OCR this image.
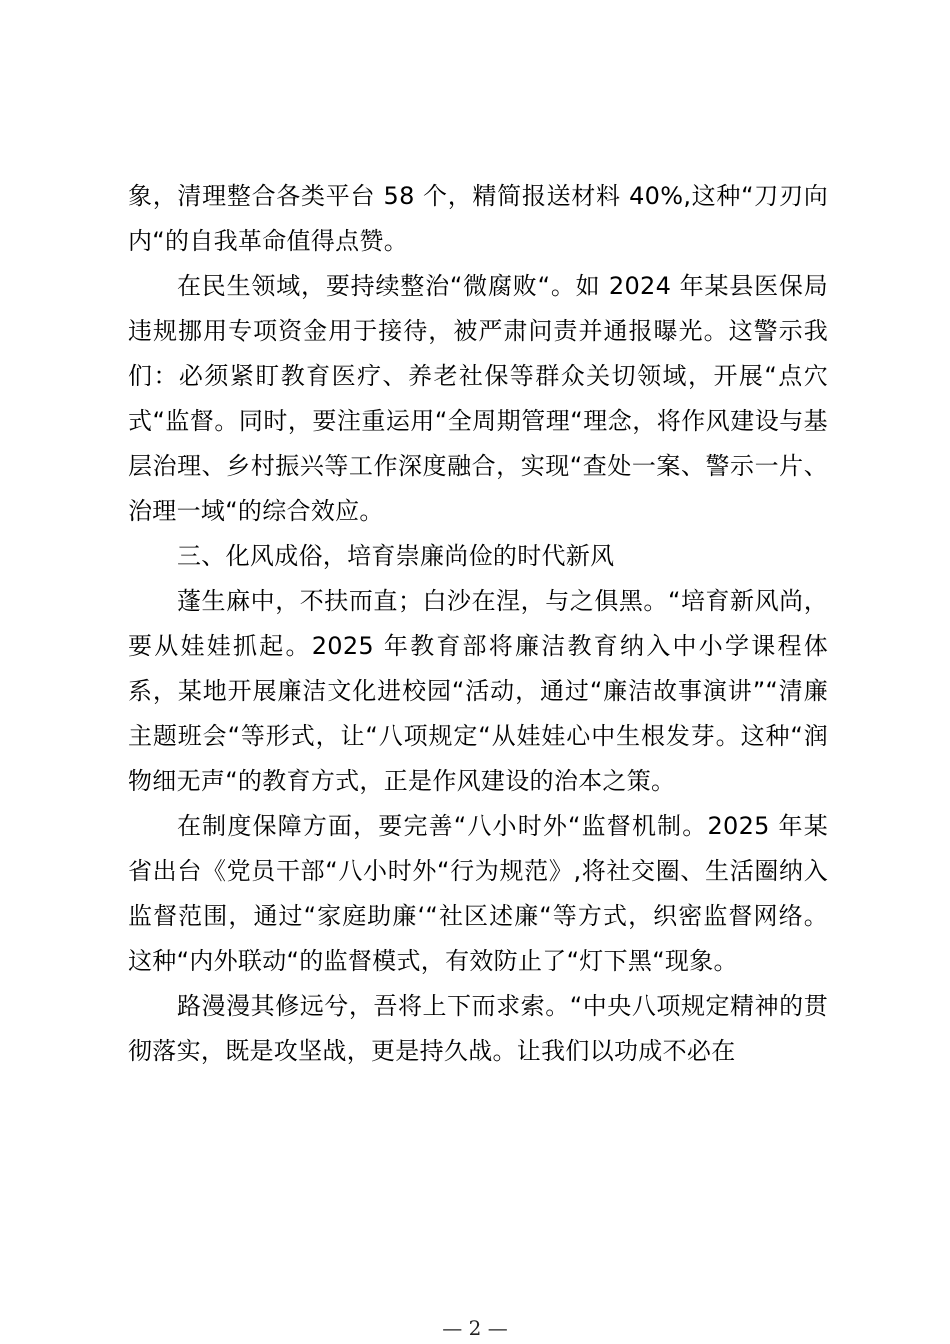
象，清理整合各类平台 58 个，精简报送材料 40%,这种“刀刃向内“的自我革命值得点赞。

在民生领域，要持续整治“微腐败“。如 2024 年某县医保局违规挪用专项资金用于接待，被严肃问责并通报曝光。这警示我们：必须紧盯教育医疗、养老社保等群众关切领域，开展“点穴式“监督。同时，要注重运用“全周期管理“理念，将作风建设与基层治理、乡村振兴等工作深度融合，实现“查处一案、警示一片、治理一域“的综合效应。

三、化风成俗，培育崇廉尚俭的时代新风

蓬生麻中，不扶而直；白沙在涅，与之俱黑。“培育新风尚，要从娃娃抓起。2025 年教育部将廉洁教育纳入中小学课程体系，某地开展廉洁文化进校园“活动，通过“廉洁故事演讲”“清廉主题班会“等形式，让“八项规定“从娃娃心中生根发芽。这种“润物细无声“的教育方式，正是作风建设的治本之策。

在制度保障方面，要完善“八小时外“监督机制。2025 年某省出台《党员干部“八小时外“行为规范》,将社交圈、生活圈纳入监督范围，通过“家庭助廉‘“社区述廉“等方式，织密监督网络。这种“内外联动“的监督模式，有效防止了“灯下黑“现象。

路漫漫其修远兮，吾将上下而求索。“中央八项规定精神的贯彻落实，既是攻坚战，更是持久战。让我们以功成不必在

— 2 —
